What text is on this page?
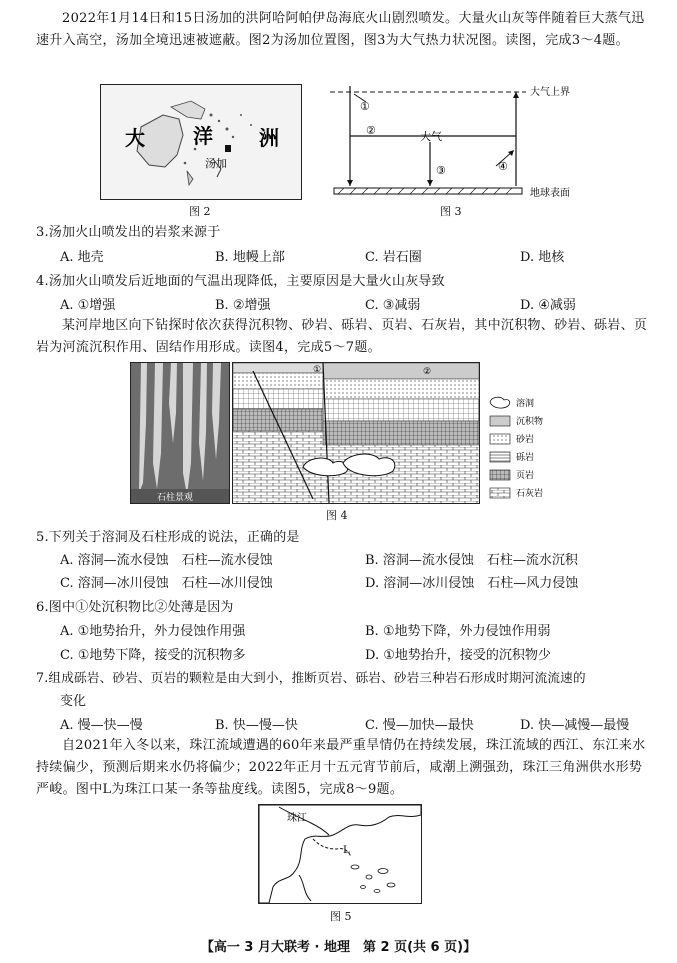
2022年1月14日和15日汤加的洪阿哈阿帕伊岛海底火山剧烈喷发。大量火山灰等伴随着巨大蒸气迅速升入高空，汤加全境迅速被遮蔽。图2为汤加位置图，图3为大气热力状况图。读图，完成3～4题。
大 洋 洲
汤加
图 2
大气上界
地球表面
①
②	大气
③	④
图 3
3.汤加火山喷发出的岩浆来源于
A. 地壳	B. 地幔上部	C. 岩石圈	D. 地核
4.汤加火山喷发后近地面的气温出现降低，主要原因是大量火山灰导致
A. ①增强	B. ②增强	C. ③减弱	D. ④减弱
某河岸地区向下钻探时依次获得沉积物、砂岩、砾岩、页岩、石灰岩，其中沉积物、砂岩、砾岩、页岩为河流沉积作用、固结作用形成。读图4，完成5～7题。
石柱景观
①	②
溶洞
沉积物
砂岩
砾岩
页岩
石灰岩
图 4
5.下列关于溶洞及石柱形成的说法，正确的是
A. 溶洞—流水侵蚀　石柱—流水侵蚀	B. 溶洞—流水侵蚀　石柱—流水沉积
C. 溶洞—冰川侵蚀　石柱—冰川侵蚀	D. 溶洞—冰川侵蚀　石柱—风力侵蚀
6.图中①处沉积物比②处薄是因为
A. ①地势抬升，外力侵蚀作用强	B. ①地势下降，外力侵蚀作用弱
C. ①地势下降，接受的沉积物多	D. ①地势抬升，接受的沉积物少
7.组成砾岩、砂岩、页岩的颗粒是由大到小，推断页岩、砾岩、砂岩三种岩石形成时期河流流速的
变化
A. 慢—快—慢	B. 快—慢—快	C. 慢—加快—最快	D. 快—减慢—最慢
自2021年入冬以来，珠江流域遭遇的60年来最严重旱情仍在持续发展，珠江流域的西江、东江来水持续偏少，预测后期来水仍将偏少；2022年正月十五元宵节前后，咸潮上溯强劲，珠江三角洲供水形势严峻。图中L为珠江口某一条等盐度线。读图5，完成8～9题。
珠江
L
图 5
【高一 3 月大联考 · 地理　第 2 页(共 6 页)】
